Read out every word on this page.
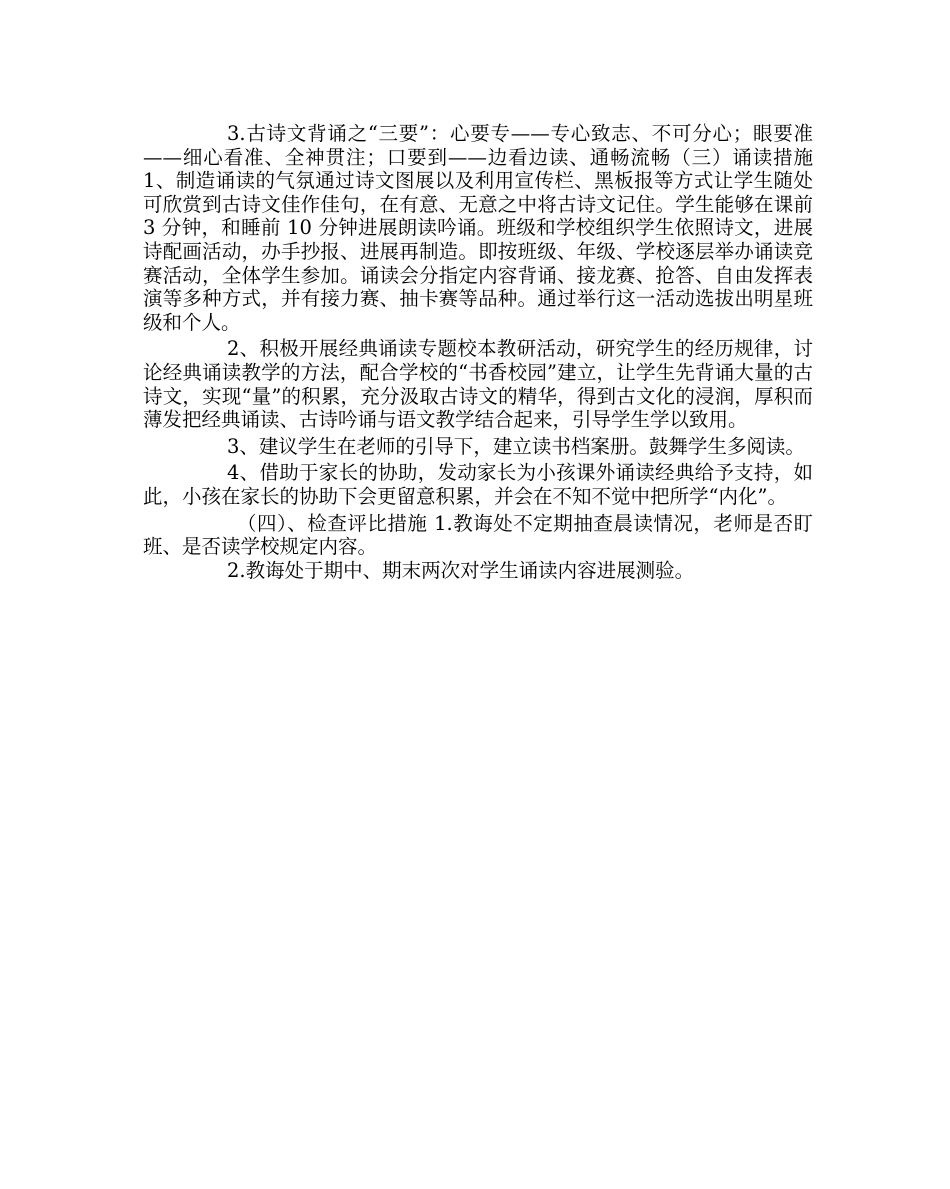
3.古诗文背诵之“三要”：心要专——专心致志、不可分心；眼要准——细心看准、全神贯注；口要到——边看边读、通畅流畅（三）诵读措施 1、制造诵读的气氛通过诗文图展以及利用宣传栏、黑板报等方式让学生随处可欣赏到古诗文佳作佳句，在有意、无意之中将古诗文记住。学生能够在课前 3 分钟，和睡前 10 分钟进展朗读吟诵。班级和学校组织学生依照诗文，进展诗配画活动，办手抄报、进展再制造。即按班级、年级、学校逐层举办诵读竞赛活动，全体学生参加。诵读会分指定内容背诵、接龙赛、抢答、自由发挥表演等多种方式，并有接力赛、抽卡赛等品种。通过举行这一活动选拔出明星班级和个人。

2、积极开展经典诵读专题校本教研活动，研究学生的经历规律，讨论经典诵读教学的方法，配合学校的“书香校园”建立，让学生先背诵大量的古诗文，实现“量”的积累，充分汲取古诗文的精华，得到古文化的浸润，厚积而薄发把经典诵读、古诗吟诵与语文教学结合起来，引导学生学以致用。

3、建议学生在老师的引导下，建立读书档案册。鼓舞学生多阅读。

4、借助于家长的协助，发动家长为小孩课外诵读经典给予支持，如此，小孩在家长的协助下会更留意积累，并会在不知不觉中把所学“内化”。

（四）、检查评比措施 1.教诲处不定期抽查晨读情况，老师是否盯班、是否读学校规定内容。

2.教诲处于期中、期末两次对学生诵读内容进展测验。
